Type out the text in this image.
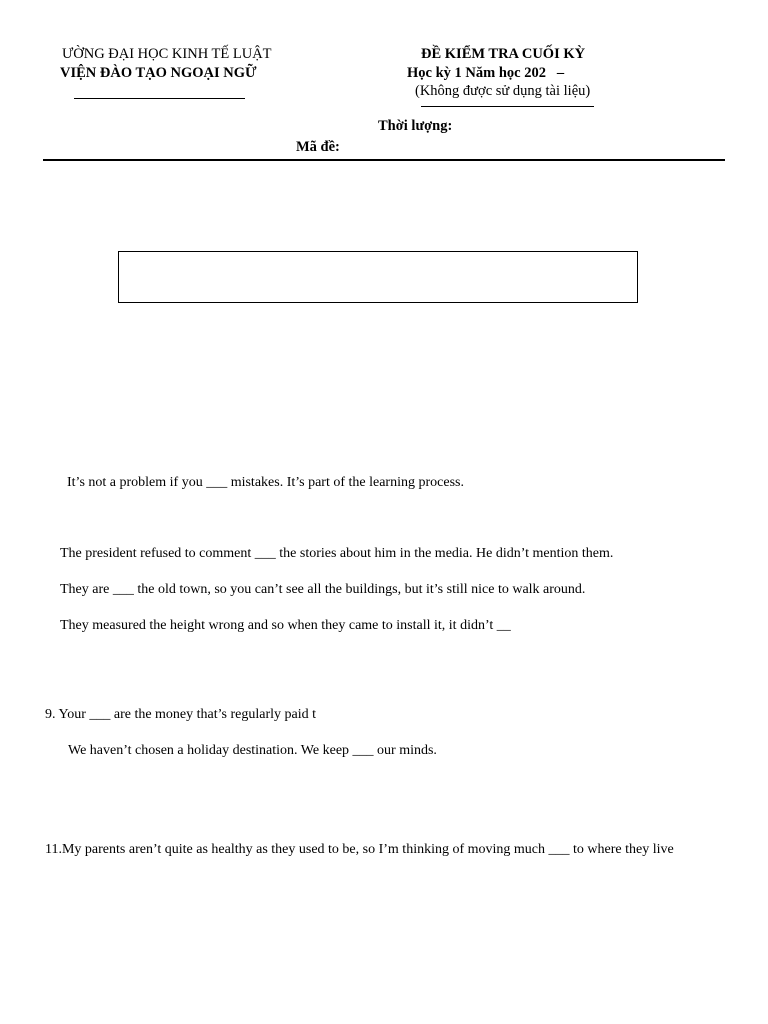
ƯỜNG ĐẠI HỌC KINH TẾ LUẬT
VIỆN ĐÀO TẠO NGOẠI NGỮ
ĐỀ KIỂM TRA CUỐI KỲ
Học kỳ 1 Năm học 202 –
(Không được sử dụng tài liệu)
Thời lượng:
Mã đề:
It’s not a problem if you ___ mistakes. It’s part of the learning process.
The president refused to comment ___ the stories about him in the media. He didn’t mention them.
They are ___ the old town, so you can’t see all the buildings, but it’s still nice to walk around.
They measured the height wrong and so when they came to install it, it didn’t __
9. Your ___ are the money that’s regularly paid t
We haven’t chosen a holiday destination. We keep ___ our minds.
11.My parents aren’t quite as healthy as they used to be, so I’m thinking of moving much ___ to where they live
